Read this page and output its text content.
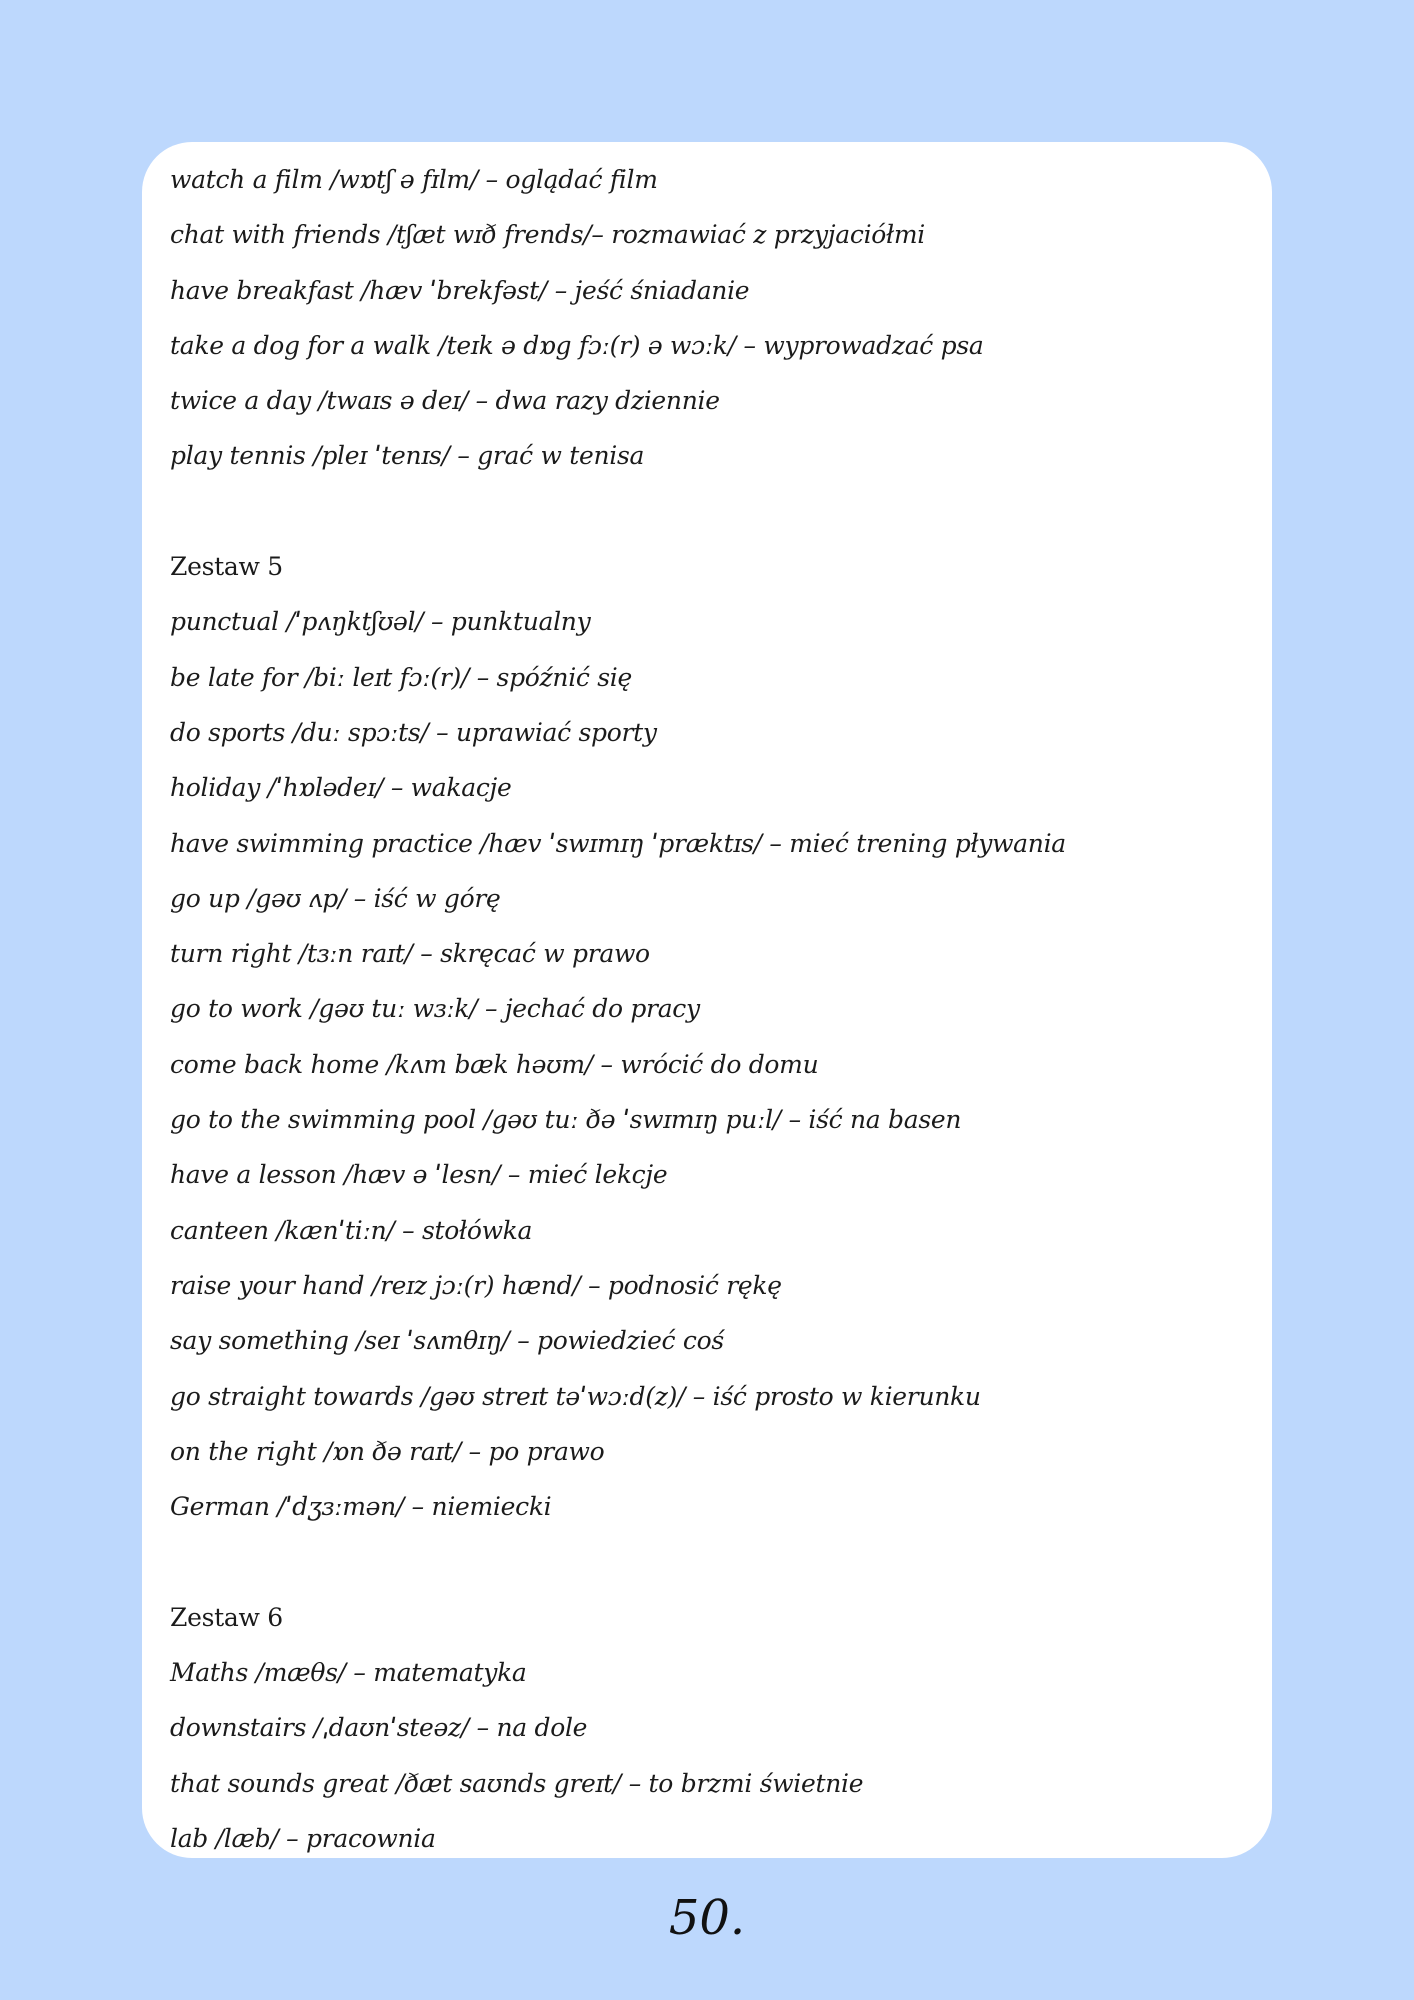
watch a film /wɒtʃ ə fɪlm/ – oglądać film
chat with friends /tʃæt wɪð frends/– rozmawiać z przyjaciółmi
have breakfast /hæv ˈbrekfəst/ – jeść śniadanie
take a dog for a walk /teɪk ə dɒg fɔː(r) ə wɔːk/ – wyprowadzać psa
twice a day /twaɪs ə deɪ/ – dwa razy dziennie
play tennis /pleɪ ˈtenɪs/ – grać w tenisa
Zestaw 5
punctual /ˈpʌŋktʃʊəl/ – punktualny
be late for /biː leɪt fɔː(r)/ – spóźnić się
do sports /duː spɔːts/ – uprawiać sporty
holiday /ˈhɒlədeɪ/ – wakacje
have swimming practice /hæv ˈswɪmɪŋ ˈpræktɪs/ – mieć trening pływania
go up /gəʊ ʌp/ – iść w górę
turn right /tɜːn raɪt/ – skręcać w prawo
go to work /gəʊ tuː wɜːk/ – jechać do pracy
come back home /kʌm bæk həʊm/ – wrócić do domu
go to the swimming pool /gəʊ tuː ðə ˈswɪmɪŋ puːl/ – iść na basen
have a lesson /hæv ə ˈlesn/ – mieć lekcje
canteen /kænˈtiːn/ – stołówka
raise your hand /reɪz jɔː(r) hænd/ – podnosić rękę
say something /seɪ ˈsʌmθɪŋ/ – powiedzieć coś
go straight towards /gəʊ streɪt təˈwɔːd(z)/ – iść prosto w kierunku
on the right /ɒn ðə raɪt/ – po prawo
German /ˈdʒɜːmən/ – niemiecki
Zestaw 6
Maths /mæθs/ – matematyka
downstairs /ˌdaʊnˈsteəz/ – na dole
that sounds great /ðæt saʊnds greɪt/ – to brzmi świetnie
lab /læb/ – pracownia
50.
